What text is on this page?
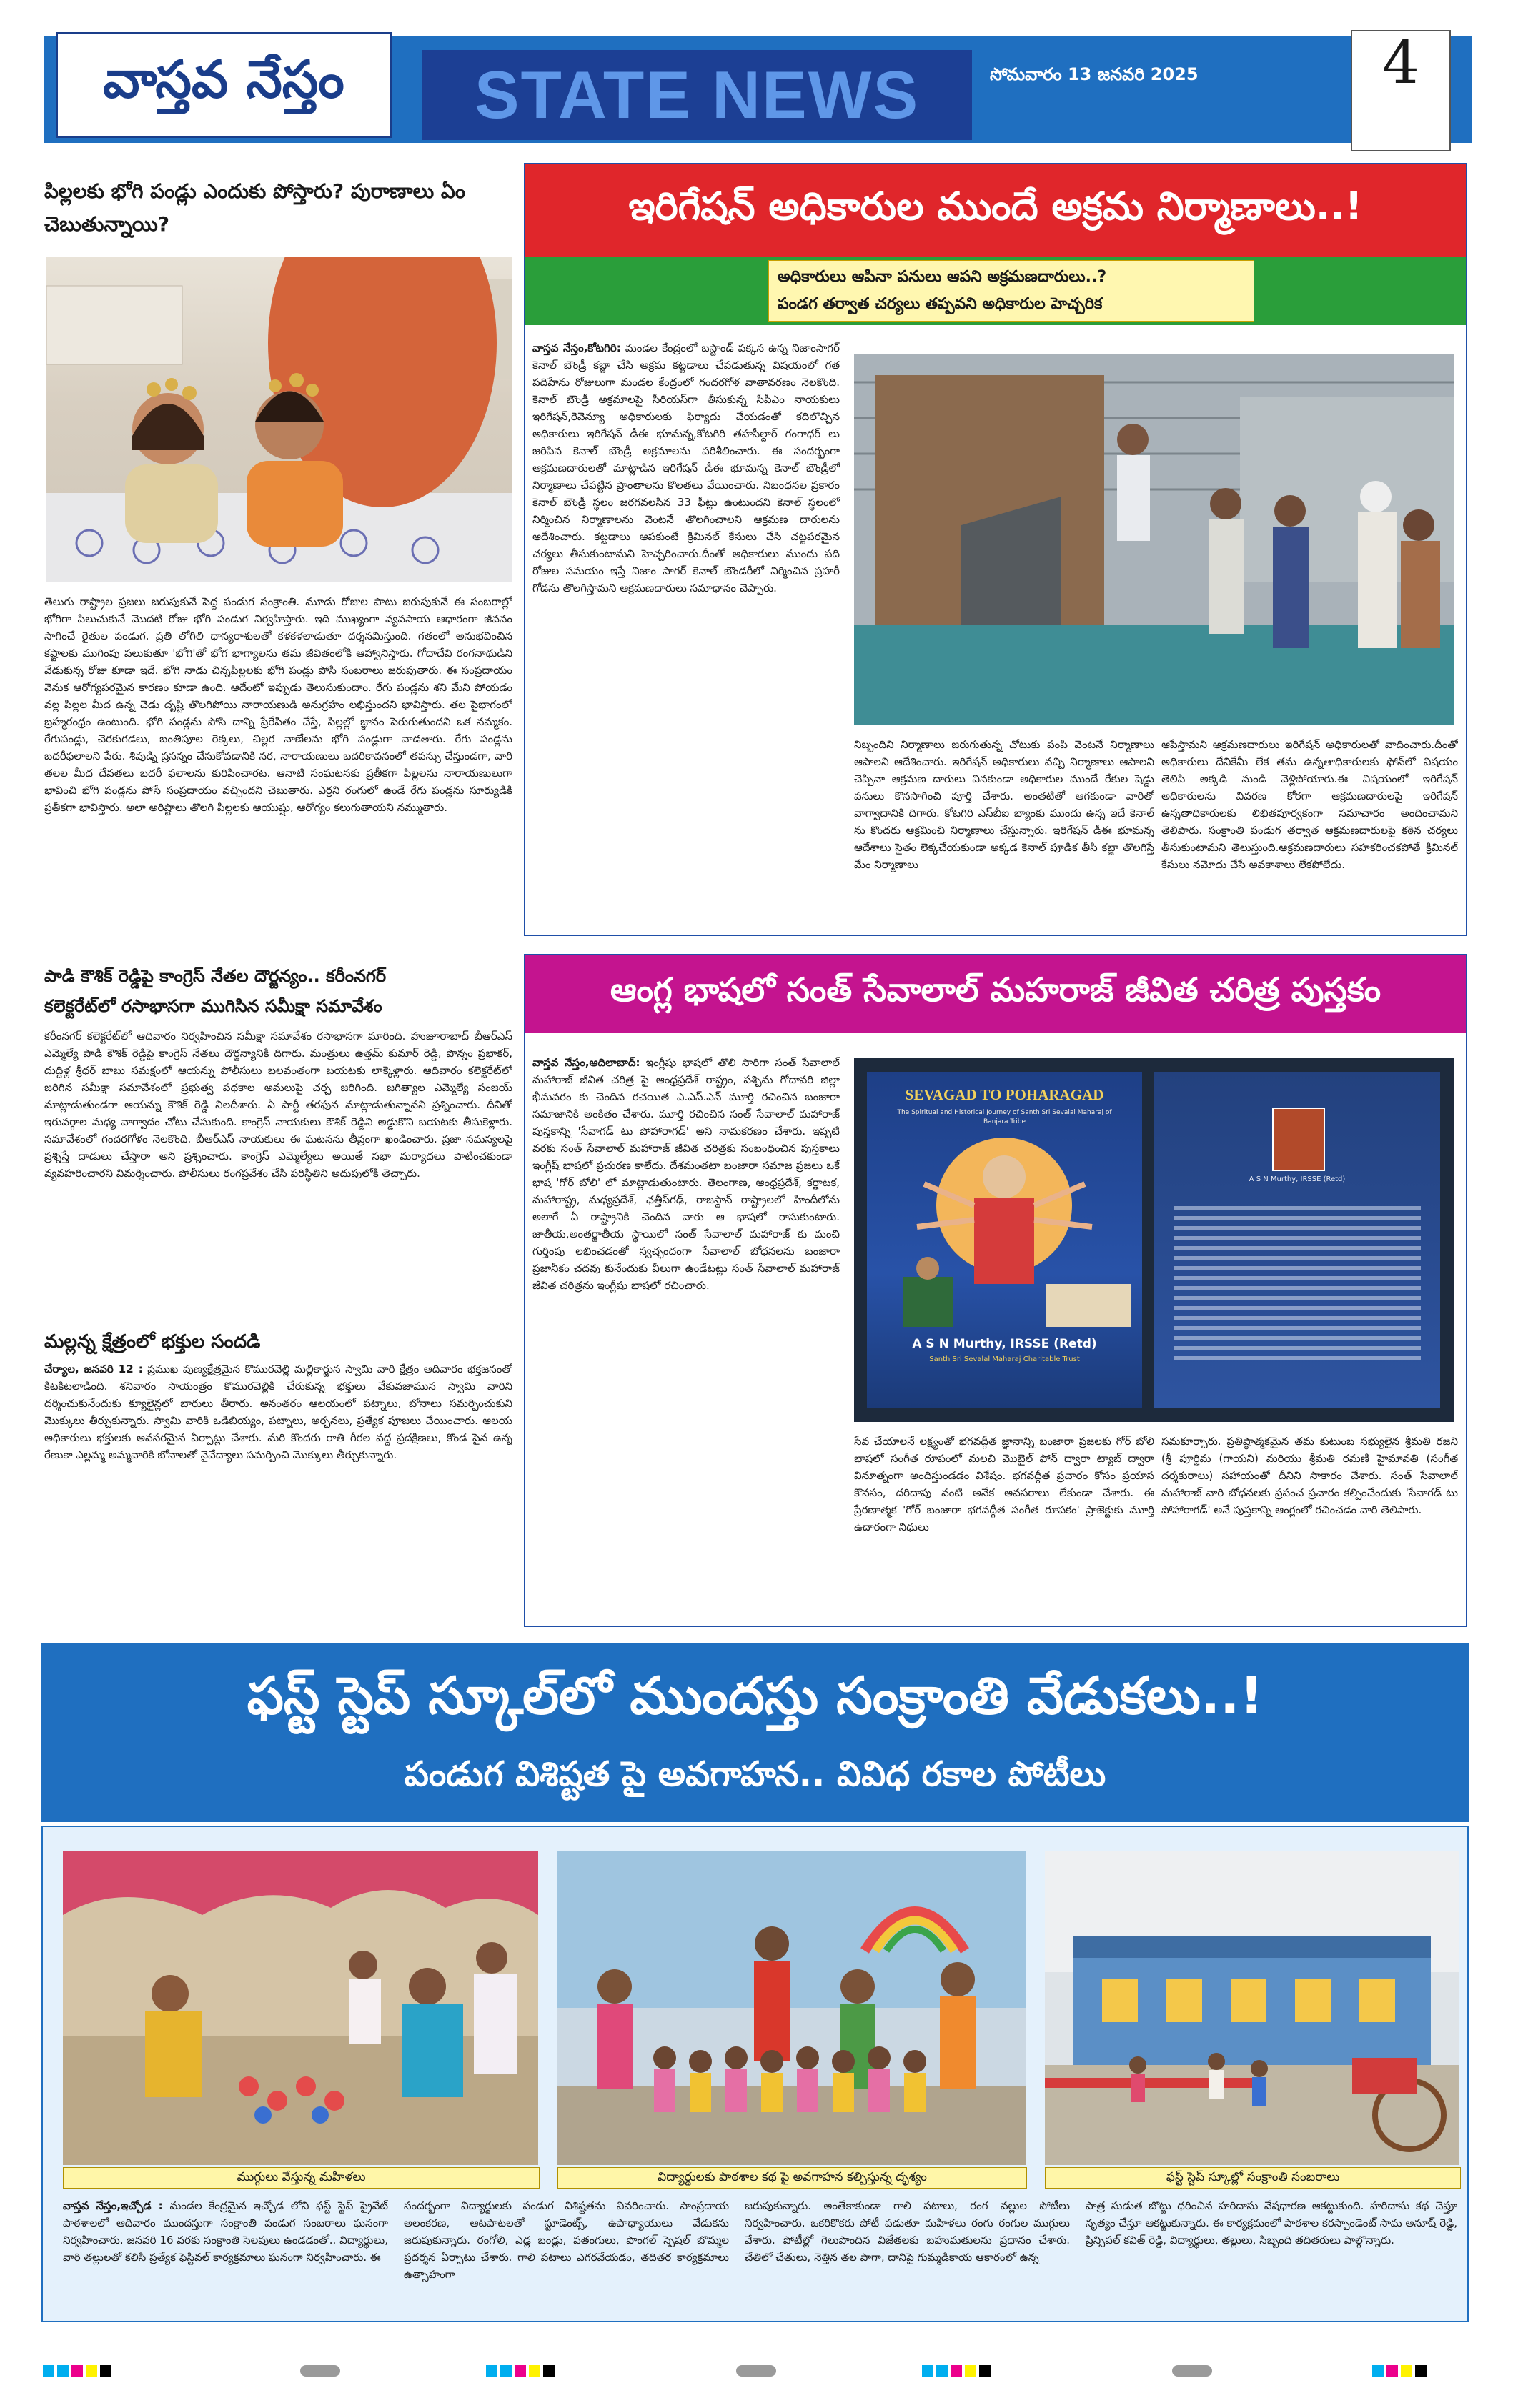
వాస్తవ నేస్తం STATE NEWS	సోమవారం 13 జనవరి 2025	4
పిల్లలకు భోగి పండ్లు ఎందుకు పోస్తారు? పురాణాలు ఏం చెబుతున్నాయి?

తెలుగు రాష్ట్రాల ప్రజలు జరుపుకునే పెద్ద పండుగ సంక్రాంతి. మూడు రోజుల పాటు జరుపుకునే ఈ సంబరాల్లో భోగిగా పిలుచుకునే మొదటి రోజు భోగి పండుగ నిర్వహిస్తారు. ఇది ముఖ్యంగా వ్యవసాయ ఆధారంగా జీవనం సాగించే రైతుల పండుగ. ప్రతి లోగిలి ధాన్యరాశులతో కళకళలాడుతూ దర్శనమిస్తుంది. గతంలో అనుభవించిన కష్టాలకు ముగింపు పలుకుతూ 'భోగి'తో భోగ భాగ్యాలను తమ జీవితంలోకి ఆహ్వానిస్తారు. గోదాదేవి రంగనాథుడిని వేడుకున్న రోజు కూడా ఇదే. భోగి నాడు చిన్నపిల్లలకు భోగి పండ్లు పోసి సంబరాలు జరుపుతారు. ఈ సంప్రదాయం వెనుక ఆరోగ్యపరమైన కారణం కూడా ఉంది. ఆదేంటో ఇప్పుడు తెలుసుకుందాం. రేగు పండ్లను శని మేని పోయడం వల్ల పిల్లల మీద ఉన్న చెడు దృష్టి తొలగిపోయి నారాయణుడి అనుగ్రహం లభిస్తుందని భావిస్తారు. తల పైభాగంలో బ్రహ్మరంధ్రం ఉంటుంది. భోగి పండ్లను పోసి దాన్ని ప్రేరేపితం చేస్తే, పిల్లల్లో జ్ఞానం పెరుగుతుందని ఒక నమ్మకం. రేగుపండ్లు, చెరకుగడలు, బంతిపూల రెక్కలు, చిల్లర నాణేలను భోగి పండ్లుగా వాడతారు. రేగు పండ్లను బదరీఫలాలని పేరు. శివుడ్ని ప్రసన్నం చేసుకోవడానికి నర, నారాయణులు బదరికావనంలో తపస్సు చేస్తుండగా, వారి తలల మీద దేవతలు బదరీ ఫలాలను కురిపించారట. ఆనాటి సంఘటనకు ప్రతీకగా పిల్లలను నారాయణులుగా భావించి భోగి పండ్లను పోసే సంప్రదాయం వచ్చిందని చెబుతారు. ఎర్రని రంగులో ఉండే రేగు పండ్లను సూర్యుడికి ప్రతీకగా భావిస్తారు. అలా అరిష్టాలు తొలగి పిల్లలకు ఆయుష్షు, ఆరోగ్యం కలుగుతాయని నమ్ముతారు.

పాడి కౌశిక్ రెడ్డిపై కాంగ్రెస్ నేతల దౌర్జన్యం.. కరీంనగర్
కలెక్టరేట్‌లో రసాభాసగా ముగిసిన సమీక్షా సమావేశం

కరీంనగర్ కలెక్టరేట్‌లో ఆదివారం నిర్వహించిన సమీక్షా సమావేశం రసాభాసగా మారింది. హుజూరాబాద్ బీఆర్ఎస్ ఎమ్మెల్యే పాడి కౌశిక్ రెడ్డిపై కాంగ్రెస్ నేతలు దౌర్జన్యానికి దిగారు. మంత్రులు ఉత్తమ్ కుమార్ రెడ్డి, పొన్నం ప్రభాకర్, దుద్దిళ్ల శ్రీధర్ బాబు సమక్షంలో ఆయన్ను పోలీసులు బలవంతంగా బయటకు లాక్కెళ్లారు. ఆదివారం కలెక్టరేట్‌లో జరిగిన సమీక్షా సమావేశంలో ప్రభుత్వ పథకాల అమలుపై చర్చ జరిగింది. జగిత్యాల ఎమ్మెల్యే సంజయ్ మాట్లాడుతుండగా ఆయన్ను కౌశిక్ రెడ్డి నిలదీశారు. ఏ పార్టీ తరఫున మాట్లాడుతున్నావని ప్రశ్నించారు. దీనితో ఇరువర్గాల మధ్య వాగ్వాదం చోటు చేసుకుంది. కాంగ్రెస్ నాయకులు కౌశిక్ రెడ్డిని అడ్డుకొని బయటకు తీసుకెళ్లారు. సమావేశంలో గందరగోళం నెలకొంది. బీఆర్ఎస్ నాయకులు ఈ ఘటనను తీవ్రంగా ఖండించారు. ప్రజా సమస్యలపై ప్రశ్నిస్తే దాడులు చేస్తారా అని ప్రశ్నించారు. కాంగ్రెస్ ఎమ్మెల్యేలు అయితే సభా మర్యాదలు పాటించకుండా వ్యవహరించారని విమర్శించారు. పోలీసులు రంగప్రవేశం చేసి పరిస్థితిని అదుపులోకి తెచ్చారు.

మల్లన్న క్షేత్రంలో భక్తుల సందడి

చేర్యాల, జనవరి 12 : ప్రముఖ పుణ్యక్షేత్రమైన కొమురవెల్లి మల్లికార్జున స్వామి వారి క్షేత్రం ఆదివారం భక్తజనంతో కిటకిటలాడింది. శనివారం సాయంత్రం కొమురవెల్లికి చేరుకున్న భక్తులు వేకువజామున స్వామి వారిని దర్శించుకునేందుకు క్యూలైన్లలో బారులు తీరారు. అనంతరం ఆలయంలో పట్నాలు, బోనాలు సమర్పించుకుని మొక్కులు తీర్చుకున్నారు. స్వామి వారికి ఒడిబియ్యం, పట్నాలు, అర్చనలు, ప్రత్యేక పూజలు చేయించారు. ఆలయ అధికారులు భక్తులకు అవసరమైన ఏర్పాట్లు చేశారు. మరి కొందరు రాతి గీరల వద్ద ప్రదక్షిణలు, కొండ పైన ఉన్న రేణుకా ఎల్లమ్మ అమ్మవారికి బోనాలతో నైవేద్యాలు సమర్పించి మొక్కులు తీర్చుకున్నారు.

ఇరిగేషన్ అధికారుల ముందే అక్రమ నిర్మాణాలు..!
అధికారులు ఆపినా పనులు ఆపని అక్రమణదారులు..?
పండగ తర్వాత చర్యలు తప్పవని అధికారుల హెచ్చరిక

వాస్తవ నేస్తం,కోటగిరి: మండల కేంద్రంలో బస్టాండ్ పక్కన ఉన్న నిజాంసాగర్ కెనాల్ బౌండ్రీ కబ్జా చేసి అక్రమ కట్టడాలు చేపడుతున్న విషయంలో గత పదిహేను రోజులుగా మండల కేంద్రంలో గందరగోళ వాతావరణం నెలకొంది. కెనాల్ బౌండ్రీ అక్రమాలపై సీరియస్‌గా తీసుకున్న సీపీఎం నాయకులు ఇరిగేషన్,రెవెన్యూ అధికారులకు ఫిర్యాదు చేయడంతో కదిలొచ్చిన అధికారులు ఇరిగేషన్ డీఈ భూమన్న,కోటగిరి తహసీల్దార్ గంగాధర్ లు జరిపిన కెనాల్ బౌండ్రీ అక్రమాలను పరిశీలించారు. ఈ సందర్భంగా ఆక్రమణదారులతో మాట్లాడిన ఇరిగేషన్ డీఈ భూమన్న కెనాల్ బౌండ్రీలో నిర్మాణాలు చేపట్టిన ప్రాంతాలను కొలతలు వేయించారు. నిబంధనల ప్రకారం కెనాల్ బౌండ్రీ స్థలం జరగవలసిన 33 ఫీట్లు ఉంటుందని కెనాల్ స్థలంలో నిర్మించిన నిర్మాణాలను వెంటనే తొలగించాలని ఆక్రమణ దారులను ఆదేశించారు. కట్టడాలు ఆపకుంటే క్రిమినల్ కేసులు చేసి చట్టపరమైన చర్యలు తీసుకుంటామని హెచ్చరించారు.దీంతో అధికారులు ముందు పది రోజుల సమయం ఇస్తే నిజాం సాగర్ కెనాల్ బౌండరీలో నిర్మించిన ప్రహరీ గోడను తొలగిస్తామని ఆక్రమణదారులు సమాధానం చెప్పారు.

నిబ్బందిని నిర్మాణాలు జరుగుతున్న చోటుకు పంపి వెంటనే నిర్మాణాలు ఆపాలని ఆదేశించారు. ఇరిగేషన్ అధికారులు వచ్చి నిర్మాణాలు ఆపాలని చెప్పినా ఆక్రమణ దారులు వినకుండా అధికారుల ముందే రేకుల షెడ్డు పనులు కొనసాగించి పూర్తి చేశారు. అంతటితో ఆగకుండా వారితో వాగ్వాదానికి దిగారు. కోటగిరి ఎస్‌బీఐ బ్యాంకు ముందు ఉన్న ఇదే కెనాల్ ను కొందరు ఆక్రమించి నిర్మాణాలు చేస్తున్నారు. ఇరిగేషన్ డీఈ భూమన్న ఆదేశాలు సైతం లెక్కచేయకుండా అక్కడ కెనాల్ పూడిక తీసి కబ్జా తొలగిస్తే మేం నిర్మాణాలు

ఆపేస్తామని ఆక్రమణదారులు ఇరిగేషన్ అధికారులతో వాదించారు.దీంతో అధికారులు దేనికేమీ లేక తమ ఉన్నతాధికారులకు ఫోన్‌లో విషయం తెలిపి అక్కడి నుండి వెళ్లిపోయారు.ఈ విషయంలో ఇరిగేషన్ అధికారులను వివరణ కోరగా ఆక్రమణదారులపై ఇరిగేషన్ ఉన్నతాధికారులకు లిఖితపూర్వకంగా సమాచారం అందించామని తెలిపారు. సంక్రాంతి పండుగ తర్వాత ఆక్రమణదారులపై కఠిన చర్యలు తీసుకుంటామని తెలుస్తుంది.ఆక్రమణదారులు సహకరించకపోతే క్రిమినల్ కేసులు నమోదు చేసే అవకాశాలు లేకపోలేదు.

ఆంగ్ల భాషలో సంత్ సేవాలాల్ మహరాజ్ జీవిత చరిత్ర పుస్తకం

వాస్తవ నేస్తం,ఆదిలాబాద్: ఇంగ్లీషు భాషలో తొలి సారిగా సంత్ సేవాలాల్ మహారాజ్ జీవిత చరిత్ర పై ఆంధ్రప్రదేశ్ రాష్ట్రం, పశ్చిమ గోదావరి జిల్లా భీమవరం కు చెందిన రచయిత ఎ.ఎస్.ఎన్ మూర్తి రచించిన బంజారా సమాజానికి అంకితం చేశారు. మూర్తి రచించిన సంత్ సేవాలాల్ మహారాజ్ పుస్తకాన్ని 'సేవాగడ్ టు పోహారాగడ్' అని నామకరణం చేశారు. ఇప్పటి వరకు సంత్ సేవాలాల్ మహారాజ్ జీవిత చరిత్రకు సంబంధించిన పుస్తకాలు ఇంగ్లీష్ భాషలో ప్రచురణ కాలేదు. దేశమంతటా బంజారా సమాజ ప్రజలు ఒకే భాష 'గోర్ బోలి' లో మాట్లాడుతుంటారు. తెలంగాణ, ఆంధ్రప్రదేశ్, కర్ణాటక, మహారాష్ట్ర, మధ్యప్రదేశ్, ఛత్తీస్‌గఢ్, రాజస్థాన్ రాష్ట్రాలలో హిందీలోను అలాగే ఏ రాష్ట్రానికి చెందిన వారు ఆ భాషలో రాసుకుంటారు. జాతీయ,అంతర్జాతీయ స్థాయిలో సంత్ సేవాలాల్ మహారాజ్ కు మంచి గుర్తింపు లభించడంతో స్వచ్ఛందంగా సేవాలాల్ బోధనలను బంజారా ప్రజానీకం చదవు కునేందుకు వీలుగా ఉండేటట్లు సంత్ సేవాలాల్ మహారాజ్ జీవిత చరిత్రను ఇంగ్లీషు భాషలో రచించారు.

SEVAGAD TO POHARAGAD
The Spiritual and Historical Journey of Santh Sri Sevalal Maharaj of Banjara Tribe
A S N Murthy, IRSSE (Retd)
Santh Sri Sevalal Maharaj Charitable Trust
A S N Murthy, IRSSE (Retd)

సేవ చేయాలనే లక్ష్యంతో భగవద్గీత జ్ఞానాన్ని బంజారా ప్రజలకు గోర్ బోలి భాషలో సంగీత రూపంలో మలచి మొబైల్ ఫోన్ ద్వారా ట్యాబ్ ద్వారా వినూత్నంగా అందిస్తుండడం విశేషం. భగవద్గీత ప్రచారం కోసం ప్రయాస కొనసం, దరిదాపు వంటి అనేక అవసరాలు లేకుండా చేశారు. ఈ ప్రేరణాత్మక 'గోర్ బంజారా భగవద్గీత సంగీత రూపకం' ప్రాజెక్టుకు మూర్తి ఉదారంగా నిధులు

సమకూర్చారు. ప్రతిష్ఠాత్మకమైన తమ కుటుంబ సభ్యులైన శ్రీమతి రజని (శ్రీ పూర్ణిమ (గాయని) మరియు శ్రీమతి రమణి హైమావతి (సంగీత దర్శకురాలు) సహాయంతో దీనిని సాకారం చేశారు. సంత్ సేవాలాల్ మహారాజ్ వారి బోధనలకు ప్రపంచ ప్రచారం కల్పించేందుకు 'సేవాగడ్ టు పోహారాగడ్' అనే పుస్తకాన్ని ఆంగ్లంలో రచించడం వారి తెలిపారు.

ఫస్ట్ స్టెప్ స్కూల్‌లో ముందస్తు సంక్రాంతి వేడుకలు..!
పండుగ విశిష్టత పై అవగాహన.. వివిధ రకాల పోటీలు
ముగ్గులు వేస్తున్న మహిళలు	విద్యార్థులకు పాఠశాల కథ పై అవగాహన కల్పిస్తున్న దృశ్యం	ఫస్ట్ స్టెప్ స్కూల్లో సంక్రాంతి సంబరాలు

వాస్తవ నేస్తం,ఇచ్చోడ : మండల కేంద్రమైన ఇచ్చోడ లోని ఫస్ట్ స్టెప్ ప్రైవేట్ పాఠశాలలో ఆదివారం ముందస్తుగా సంక్రాంతి పండుగ సంబరాలు ఘనంగా నిర్వహించారు. జనవరి 16 వరకు సంక్రాంతి సెలవులు ఉండడంతో.. విద్యార్థులు, వారి తల్లులతో కలిసి ప్రత్యేక ఫెస్టివల్ కార్యక్రమాలు ఘనంగా నిర్వహించారు. ఈ

సందర్భంగా విద్యార్థులకు పండుగ విశిష్టతను వివరించారు. సాంప్రదాయ అలంకరణ, ఆటపాటలతో స్టూడెంట్స్, ఉపాధ్యాయులు వేడుకను జరుపుకున్నారు. రంగోలి, ఎడ్ల బండ్లు, పతంగులు, పొంగల్ స్పెషల్ బొమ్మల ప్రదర్శన ఏర్పాటు చేశారు. గాలి పటాలు ఎగరవేయడం, తదితర కార్యక్రమాలు ఉత్సాహంగా

జరుపుకున్నారు. అంతేకాకుండా గాలి పటాలు, రంగ వల్లుల పోటీలు నిర్వహించారు. ఒకరికొకరు పోటీ పడుతూ మహిళలు రంగు రంగుల ముగ్గులు వేశారు. పోటీల్లో గెలుపొందిన విజేతలకు బహుమతులను ప్రధానం చేశారు. చేతిలో చేతులు, నెత్తిన తల పాగా, దానిపై గుమ్మడికాయ ఆకారంలో ఉన్న

పాత్ర సుడుత బొట్టు ధరించిన హరిదాసు వేషధారణ ఆకట్టుకుంది. హరిదాసు కథ చెప్తూ నృత్యం చేస్తూ ఆకట్టుకున్నారు. ఈ కార్యక్రమంలో పాఠశాల కరస్పాండెంట్ సామ అనూష్ రెడ్డి, ప్రిన్సిపల్ కవిత్ రెడ్డి, విద్యార్థులు, తల్లులు, సిబ్బంది తదితరులు పాల్గొన్నారు.
